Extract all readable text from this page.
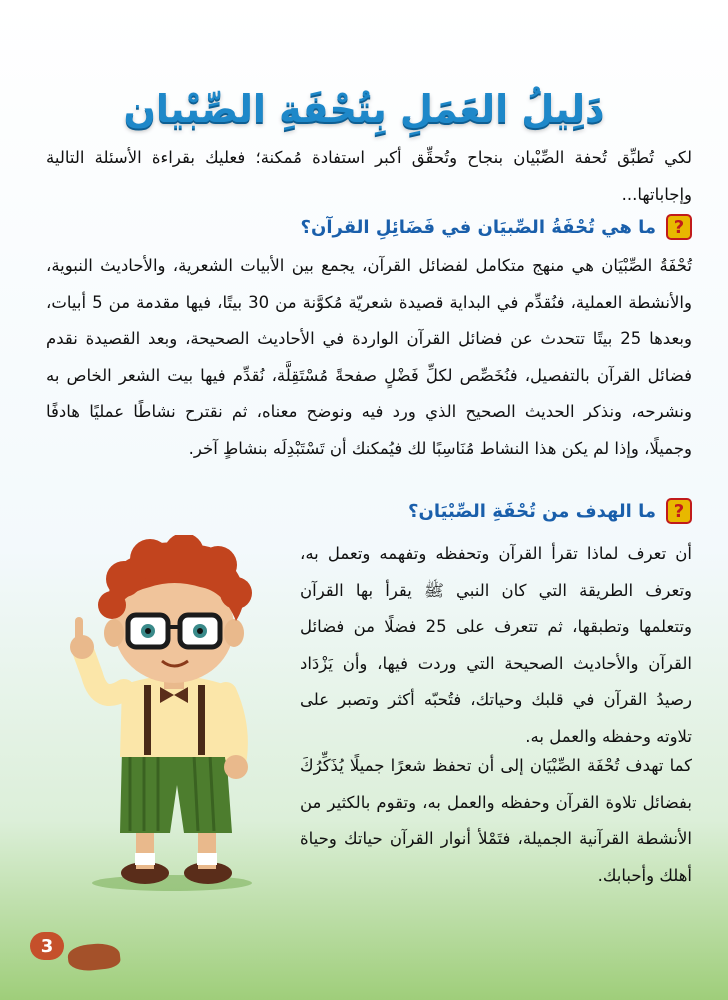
دَلِيلُ العَمَلِ بِتُحْفَةِ الصِّبْيان

لكي تُطبِّق تُحفة الصِّبْيان بنجاح وتُحقِّق أكبر استفادة مُمكنة؛ فعليك بقراءة الأسئلة التالية وإجاباتها...

?
ما هي تُحْفَةُ الصِّبيَان في فَضَائِلِ القرآن؟

تُحْفَةُ الصِّبْيَان هي منهج متكامل لفضائل القرآن، يجمع بين الأبيات الشعرية، والأحاديث النبوية، والأنشطة العملية، فنُقدِّم في البداية قصيدة شعريّة مُكوَّنة من 30 بيتًا، فيها مقدمة من 5 أبيات، وبعدها 25 بيتًا تتحدث عن فضائل القرآن الواردة في الأحاديث الصحيحة، وبعد القصيدة نقدم فضائل القرآن بالتفصيل، فنُخَصِّص لكلِّ فَضْلٍ صفحةً مُسْتَقِلَّة، نُقدِّم فيها بيت الشعر الخاص به ونشرحه، ونذكر الحديث الصحيح الذي ورد فيه ونوضح معناه، ثم نقترح نشاطًا عمليًا هادفًا وجميلًا، وإذا لم يكن هذا النشاط مُنَاسِبًا لك فيُمكنك أن تَسْتَبْدِلَه بنشاطٍ آخر.

?
ما الهدف من تُحْفَةِ الصِّبْيَان؟

أن تعرف لماذا تقرأ القرآن وتحفظه وتفهمه وتعمل به، وتعرف الطريقة التي كان النبي ﷺ يقرأ بها القرآن وتتعلمها وتطبقها، ثم تتعرف على 25 فضلًا من فضائل القرآن والأحاديث الصحيحة التي وردت فيها، وأن يَزْدَاد رصيدُ القرآن في قلبك وحياتك، فتُحبّه أكثر وتصبر على تلاوته وحفظه والعمل به.

كما تهدف تُحْفَة الصِّبْيَان إلى أن تحفظ شعرًا جميلًا يُذَكِّرُكَ بفضائل تلاوة القرآن وحفظه والعمل به، وتقوم بالكثير من الأنشطة القرآنية الجميلة، فتَمْلأ أنوار القرآن حياتك وحياة أهلك وأحبابك.

3
